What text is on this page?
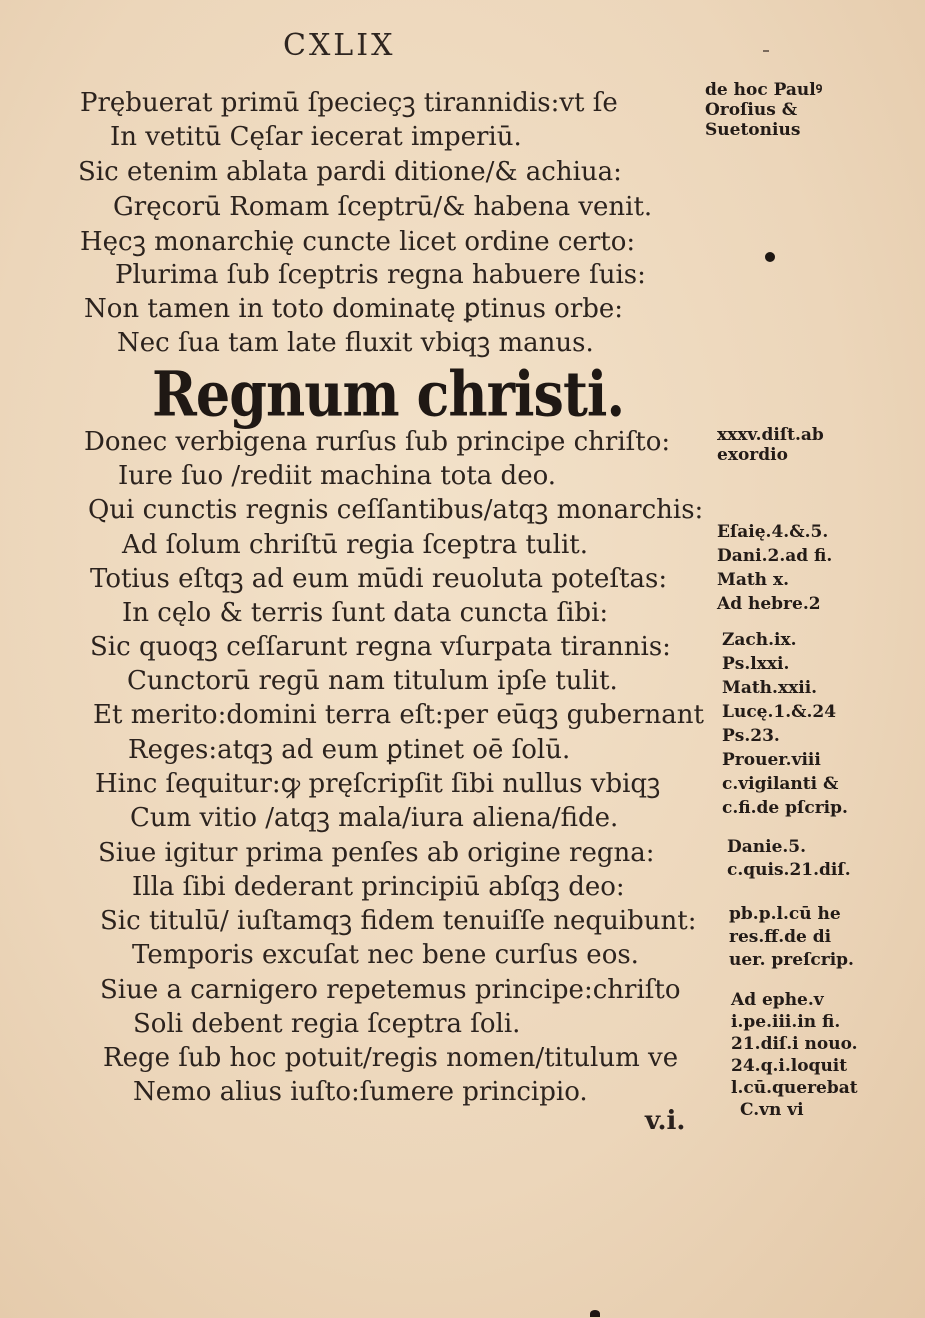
CXLIX
Prębuerat primū ſpecieçꝫ tirannidis:vt ſe
In vetitū Cęſar iecerat imperiū.
Sic etenim ablata pardi ditione/& achiua:
Gręcorū Romam ſceptrū/& habena venit.
Hęcꝫ monarchię cuncte licet ordine certo:
Plurima ſub ſceptris regna habuere ſuis:
Non tamen in toto dominatę ꝑtinus orbe:
Nec ſua tam late fluxit vbiqꝫ manus.
Regnum christi.
Donec verbigena rurſus ſub principe chriſto:
Iure ſuo /rediit machina tota deo.
Qui cunctis regnis ceſſantibus/atqꝫ monarchis:
Ad ſolum chriſtū regia ſceptra tulit.
Totius eſtqꝫ ad eum mūdi reuoluta poteſtas:
In cęlo & terris ſunt data cuncta ſibi:
Sic quoqꝫ ceſſarunt regna vſurpata tirannis:
Cunctorū regū nam titulum ipſe tulit.
Et merito:domini terra eſt:per eūqꝫ gubernant
Reges:atqꝫ ad eum ꝑtinet oē ſolū.
Hinc ſequitur:ꝙ pręſcripſit ſibi nullus vbiqꝫ
Cum vitio /atqꝫ mala/iura aliena/fide.
Siue igitur prima penſes ab origine regna:
Illa ſibi dederant principiū abſqꝫ deo:
Sic titulū/ iuſtamqꝫ fidem tenuiſſe nequibunt:
Temporis excuſat nec bene curſus eos.
Siue a carnigero repetemus principe:chriſto
Soli debent regia ſceptra ſoli.
Rege ſub hoc potuit/regis nomen/titulum ve
Nemo alius iuſto:ſumere principio.
v.i.
de hoc Paulꝰ
Oroſius &
Suetonius
xxxv.diſt.ab
exordio
Eſaię.4.&.5.
Dani.2.ad fi.
Math x.
Ad hebre.2
Zach.ix.
Ps.lxxi.
Math.xxii.
Lucę.1.&.24
Ps.23.
Prouer.viii
c.vigilanti &
c.fi.de pſcrip.
Danie.5.
c.quis.21.diſ.
pb.p.l.cū he
res.ff.de di
uer. preſcrip.
Ad ephe.v
i.pe.iii.in fi.
21.diſ.i nouo.
24.q.i.loquit
l.cū.querebat
C.vn vi
